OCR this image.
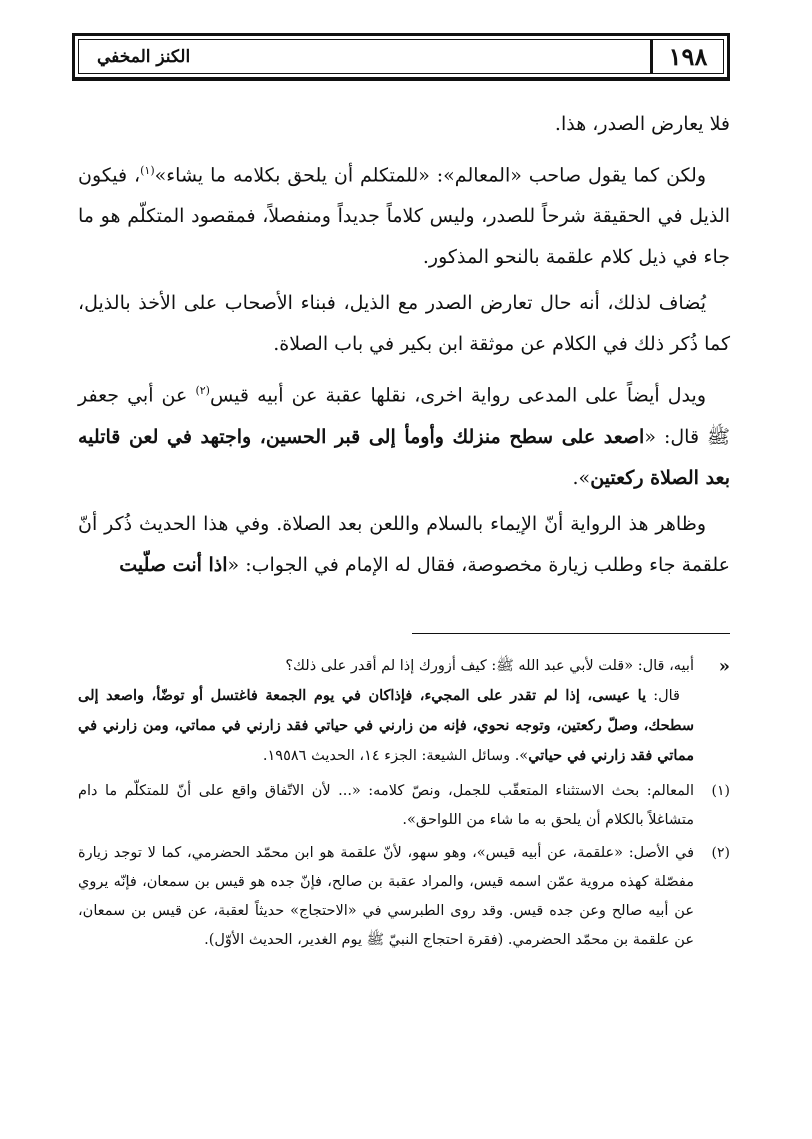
١٩٨
الكنز المخفي

فلا يعارض الصدر، هذا.

ولكن كما يقول صاحب «المعالم»: «للمتكلم أن يلحق بكلامه ما يشاء»$^{(١)}$، فيكون الذيل في الحقيقة شرحاً للصدر، وليس كلاماً جديداً ومنفصلاً، فمقصود المتكلّم هو ما جاء في ذيل كلام علقمة بالنحو المذكور.

يُضاف لذلك، أنه حال تعارض الصدر مع الذيل، فبناء الأصحاب على الأخذ بالذيل، كما ذُكر ذلك في الكلام عن موثقة ابن بكير في باب الصلاة.

ويدل أيضاً على المدعى رواية اخرى، نقلها عقبة عن أبيه قيس$^{(٢)}$ عن أبي جعفر ﷺ قال: «اصعد على سطح منزلك وأومأ إلى قبر الحسين، واجتهد في لعن قاتليه بعد الصلاة ركعتين».

وظاهر هذ الرواية أنّ الإيماء بالسلام واللعن بعد الصلاة. وفي هذا الحديث ذُكر أنّ علقمة جاء وطلب زيارة مخصوصة، فقال له الإمام في الجواب: «اذا أنت صلّيت

«

أبيه، قال: «قلت لأبي عبد الله ﷺ: كيف أزورك إذا لم أقدر على ذلك؟

قال: يا عيسى، إذا لم تقدر على المجيء، فإذاكان في يوم الجمعة فاغتسل أو توضّأ، واصعد إلى سطحك، وصلّ ركعتين، وتوجه نحوي، فإنه من زارني في حياتي فقد زارني في مماتي، ومن زارني في مماتي فقد زارني في حياتي». وسائل الشيعة: الجزء ١٤، الحديث ١٩٥٨٦.

(١)
المعالم: بحث الاستثناء المتعقّب للجمل، ونصّ كلامه: «... لأن الاتّفاق واقع على أنّ للمتكلّم ما دام متشاغلاً بالكلام أن يلحق به ما شاء من اللواحق».
(٢)
في الأصل: «علقمة، عن أبيه قيس»، وهو سهو، لأنّ علقمة هو ابن محمّد الحضرمي، كما لا توجد زيارة مفصّلة كهذه مروية عمّن اسمه قيس، والمراد عقبة بن صالح، فإنّ جده هو قيس بن سمعان، فإنّه يروي عن أبيه صالح وعن جده قيس. وقد روى الطبرسي في «الاحتجاج» حديثاً لعقبة، عن قيس بن سمعان، عن علقمة بن محمّد الحضرمي. (فقرة احتجاج النبيّ ﷺ يوم الغدير، الحديث الأوّل).
